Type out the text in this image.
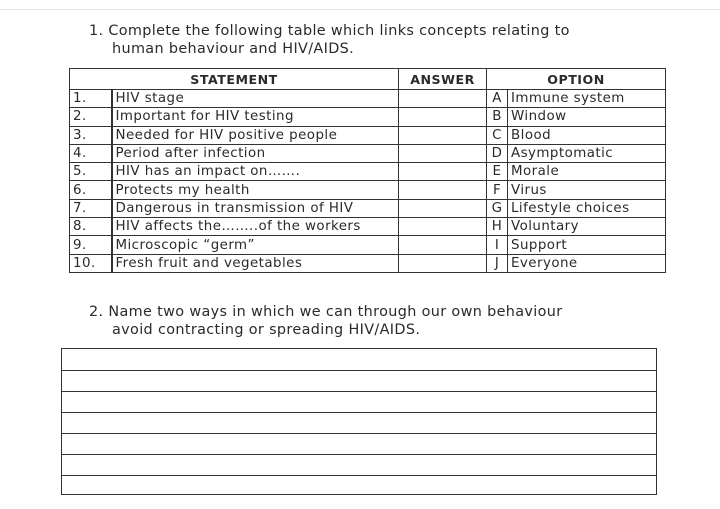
1. Complete the following table which links concepts relating to
human behaviour and HIV/AIDS.
STATEMENT		ANSWER	OPTION	
1.	HIV stage		A	Immune system
2.	Important for HIV testing		B	Window
3.	Needed for HIV positive people		C	Blood
4.	Period after infection		D	Asymptomatic
5.	HIV has an impact on…….		E	Morale
6.	Protects my health		F	Virus
7.	Dangerous in transmission of HIV		G	Lifestyle choices
8.	HIV affects the……..of the workers		H	Voluntary
9.	Microscopic “germ”		I	Support
10.	Fresh fruit and vegetables		J	Everyone
2. Name two ways in which we can through our own behaviour
avoid contracting or spreading HIV/AIDS.
